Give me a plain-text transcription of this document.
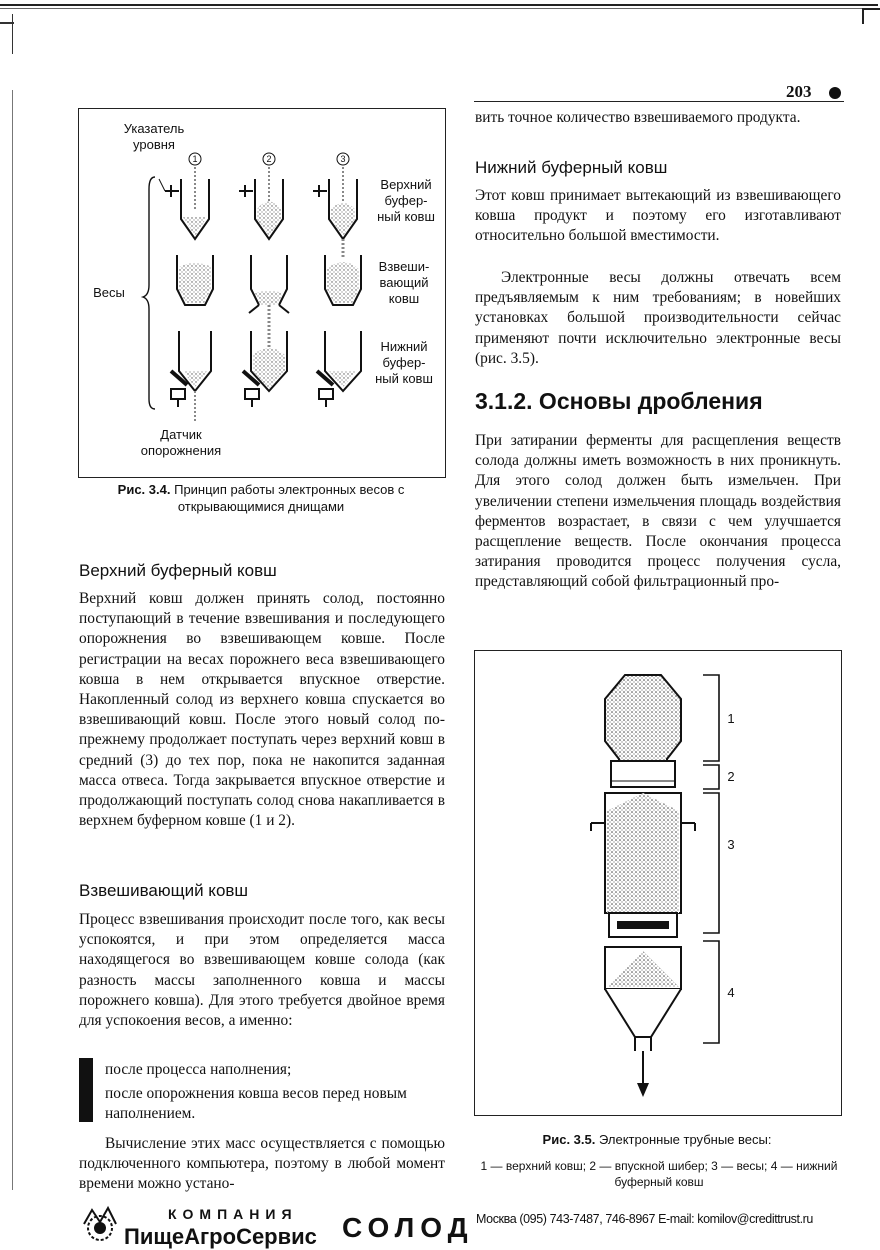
203
1	2	3
Указатель уровня
Верхний буфер-ный ковш
Весы
Взвеши-вающий ковш
Нижний буфер-ный ковш
Датчик опорожнения
Рис. 3.4. Принцип работы электронных весов с открывающимися днищами
Верхний буферный ковш

Верхний ковш должен принять солод, постоянно поступающий в течение взвешивания и последующего опорожнения во взвешивающем ковше. После регистрации на весах порожнего веса взвешивающего ковша в нем открывается впускное отверстие. Накопленный солод из верхнего ковша спускается во взвешивающий ковш. После этого новый солод по-прежнему продолжает поступать через верхний ковш в средний (3) до тех пор, пока не накопится заданная масса отвеса. Тогда закрывается впускное отверстие и продолжающий поступать солод снова накапливается в верхнем буферном ковше (1 и 2).

Взвешивающий ковш

Процесс взвешивания происходит после того, как весы успокоятся, и при этом определяется масса находящегося во взвешивающем ковше солода (как разность массы заполненного ковша и массы порожнего ковша). Для этого требуется двойное время для успокоения весов, а именно:

после процесса наполнения;
после опорожнения ковша весов перед новым наполнением.

Вычисление этих масс осуществляется с помощью подключенного компьютера, поэтому в любой момент времени можно устано-

вить точное количество взвешиваемого продукта.

Нижний буферный ковш

Этот ковш принимает вытекающий из взвешивающего ковша продукт и поэтому его изготавливают относительно большой вместимости.

Электронные весы должны отвечать всем предъявляемым к ним требованиям; в новейших установках большой производительности сейчас применяют почти исключительно электронные весы (рис. 3.5).

3.1.2. Основы дробления

При затирании ферменты для расщепления веществ солода должны иметь возможность в них проникнуть. Для этого солод должен быть измельчен. При увеличении степени измельчения площадь воздействия ферментов возрастает, в связи с чем улучшается расщепление веществ. После окончания процесса затирания проводится процесс получения сусла, представляющий собой фильтрационный про-

1
2
3
4
Рис. 3.5. Электронные трубные весы:
1 — верхний ковш; 2 — впускной шибер; 3 — весы; 4 — нижний буферный ковш
КОМПАНИЯ
ПищеАгроСервис СОЛОД Москва (095) 743-7487, 746-8967 E-mail: komilov@credittrust.ru
